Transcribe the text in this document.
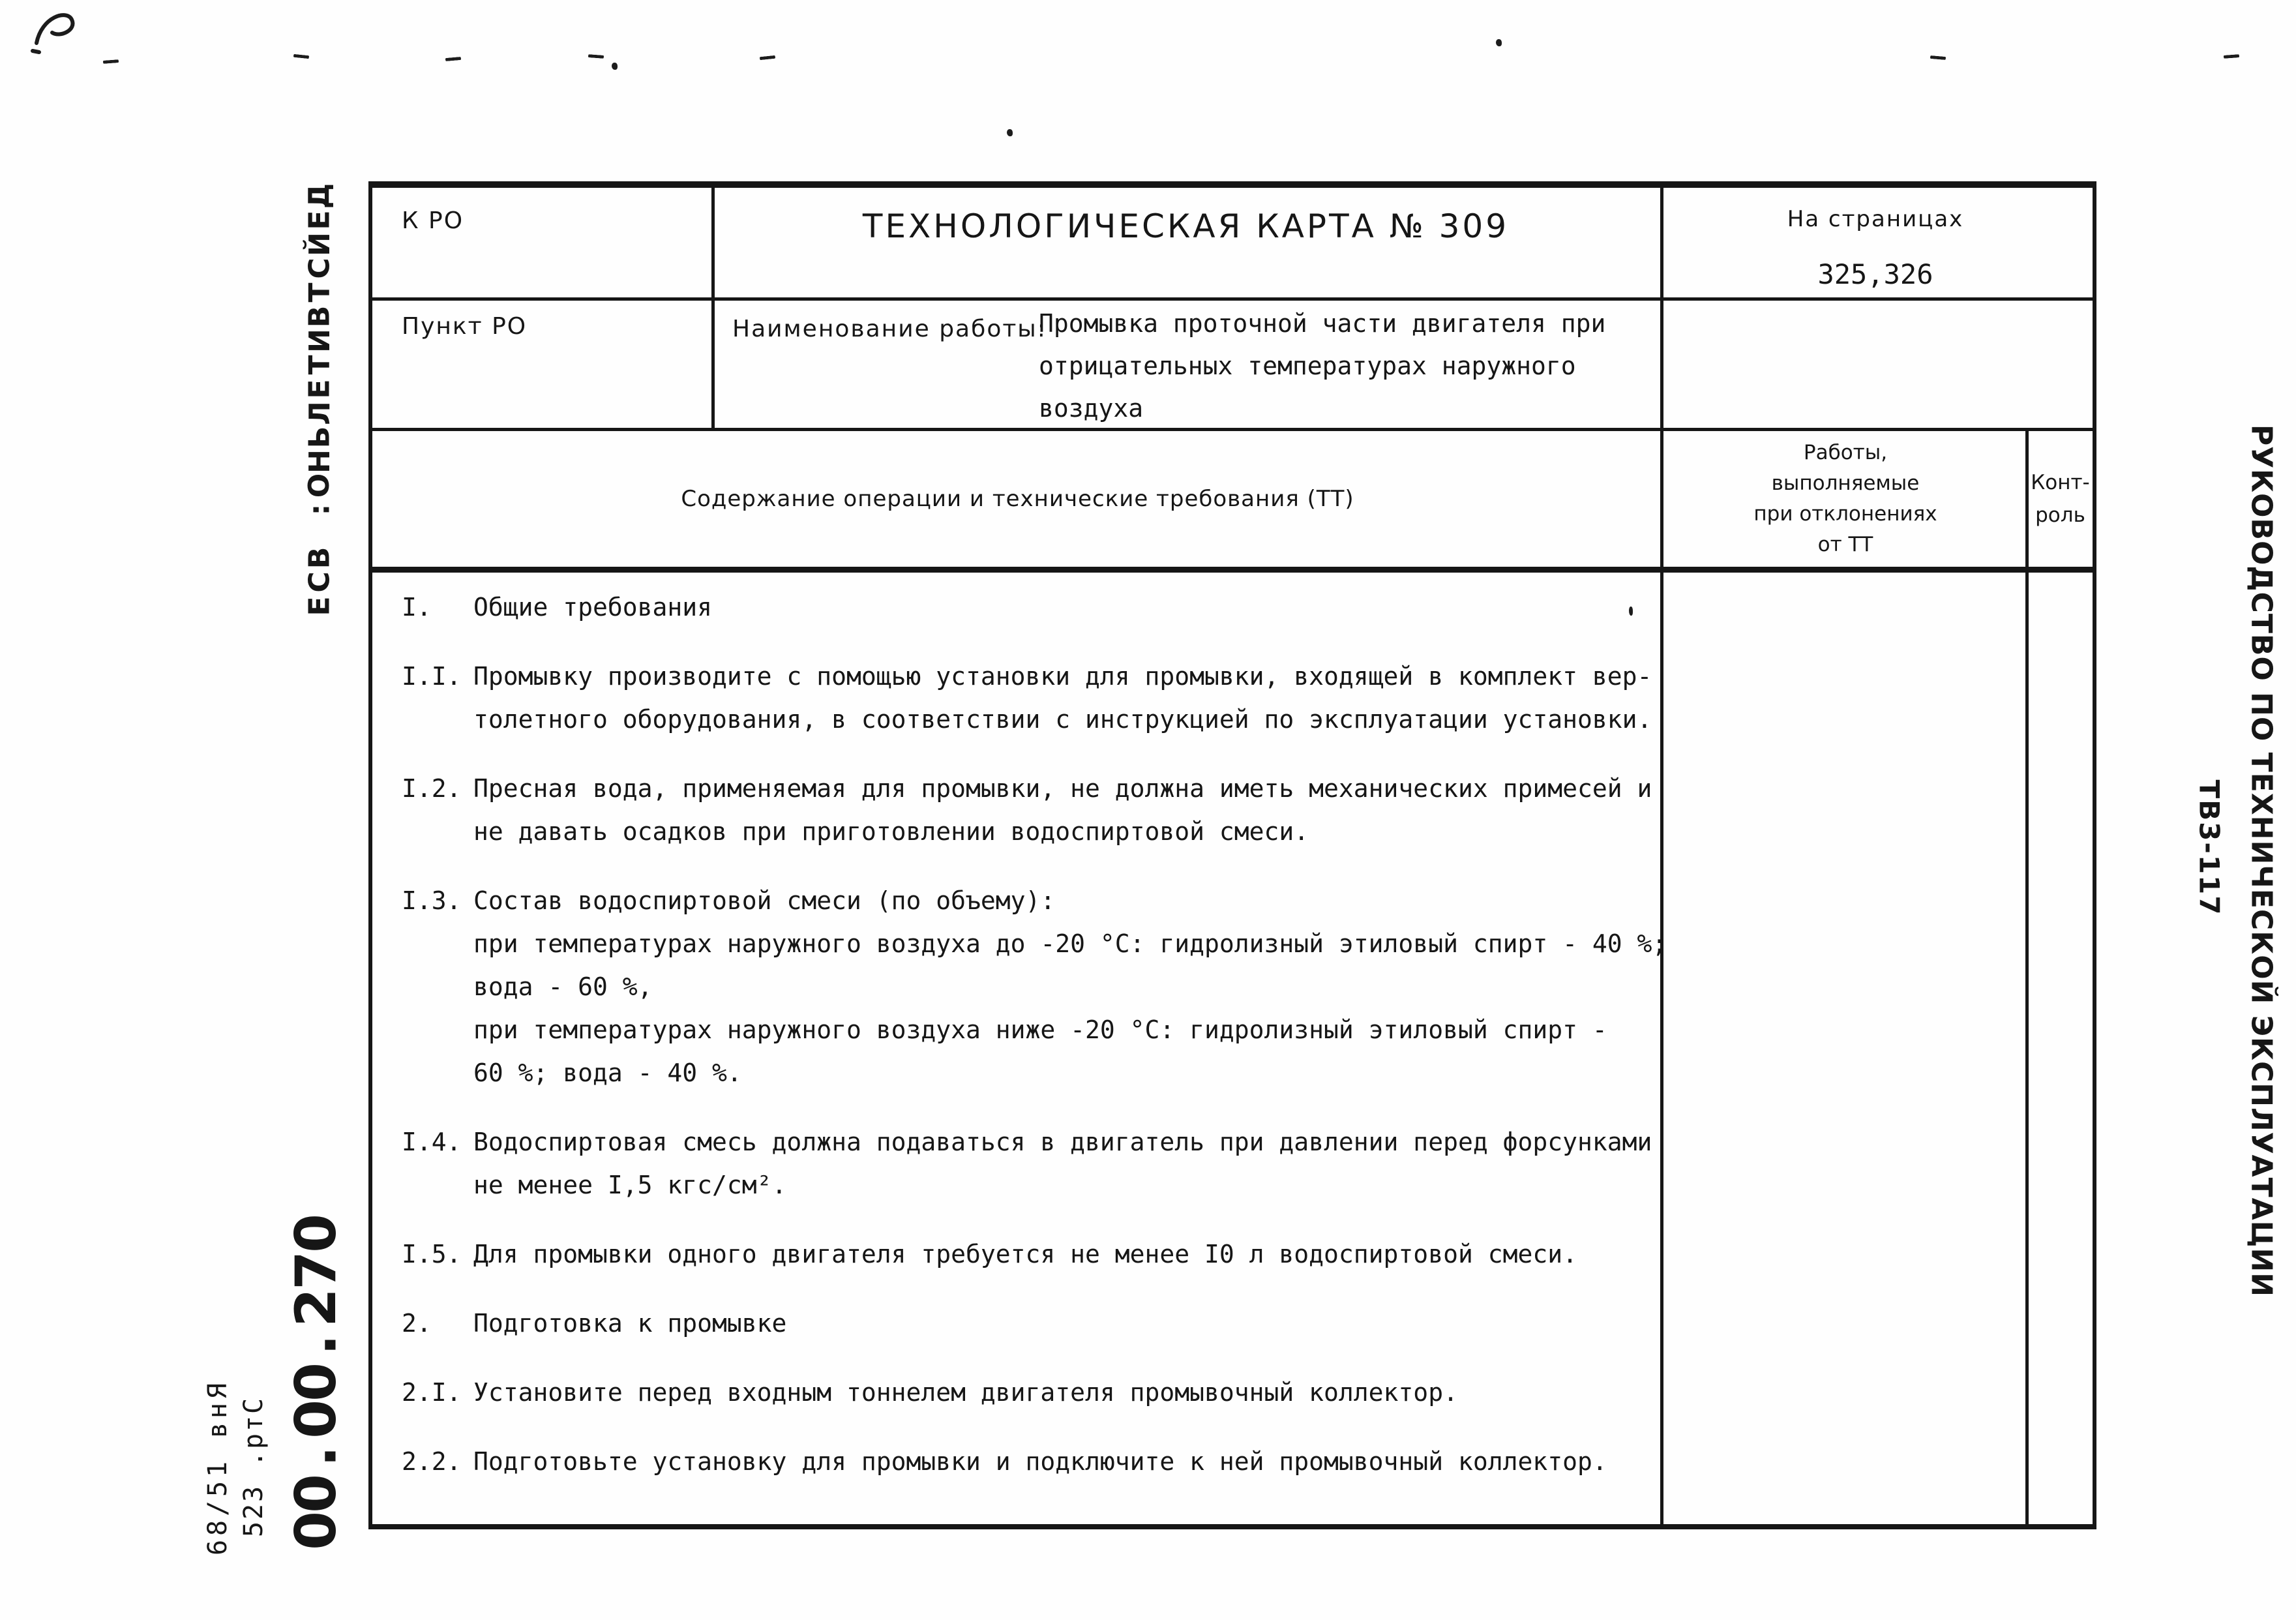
Д
Е
Й
С
Т
В
И
Т
Е
Л
Ь
Н
О
:

В
С
Е
0
7
2
.
0
0
.
0
0
С
т
р
.

3
2
5
Я
н
в

1
5
/
8
6
РУКОВОДСТВО ПО ТЕХНИЧЕСКОЙ ЭКСПЛУАТАЦИИ
ТВ3-117
К РО	ТЕХНОЛОГИЧЕСКАЯ КАРТА № 309	На страницах
325,326
Пункт РО	Наименование работы:
Промывка проточной части двигателя при
отрицательных температурах наружного
воздуха
Содержание операции и технические требования (ТТ)
Работы,
выполняемые
при отклонениях
от ТТ
Конт-
роль
I.	Общие требования
I.I. Промывку производите с помощью установки для промывки, входящей в комплект вер-
толетного оборудования, в соответствии с инструкцией по эксплуатации установки.
I.2. Пресная вода, применяемая для промывки, не должна иметь механических примесей и
не давать осадков при приготовлении водоспиртовой смеси.
I.3. Состав водоспиртовой смеси (по объему):
при температурах наружного воздуха до -20 °С: гидролизный этиловый спирт - 40 %;
вода - 60 %,
при температурах наружного воздуха ниже -20 °С: гидролизный этиловый спирт -
60 %; вода - 40 %.
I.4. Водоспиртовая смесь должна подаваться в двигатель при давлении перед форсунками
не менее I,5 кгс/см².
I.5. Для промывки одного двигателя требуется не менее I0 л водоспиртовой смеси.
2.	Подготовка к промывке
2.I. Установите перед входным тоннелем двигателя промывочный коллектор.
2.2. Подготовьте установку для промывки и подключите к ней промывочный коллектор.
